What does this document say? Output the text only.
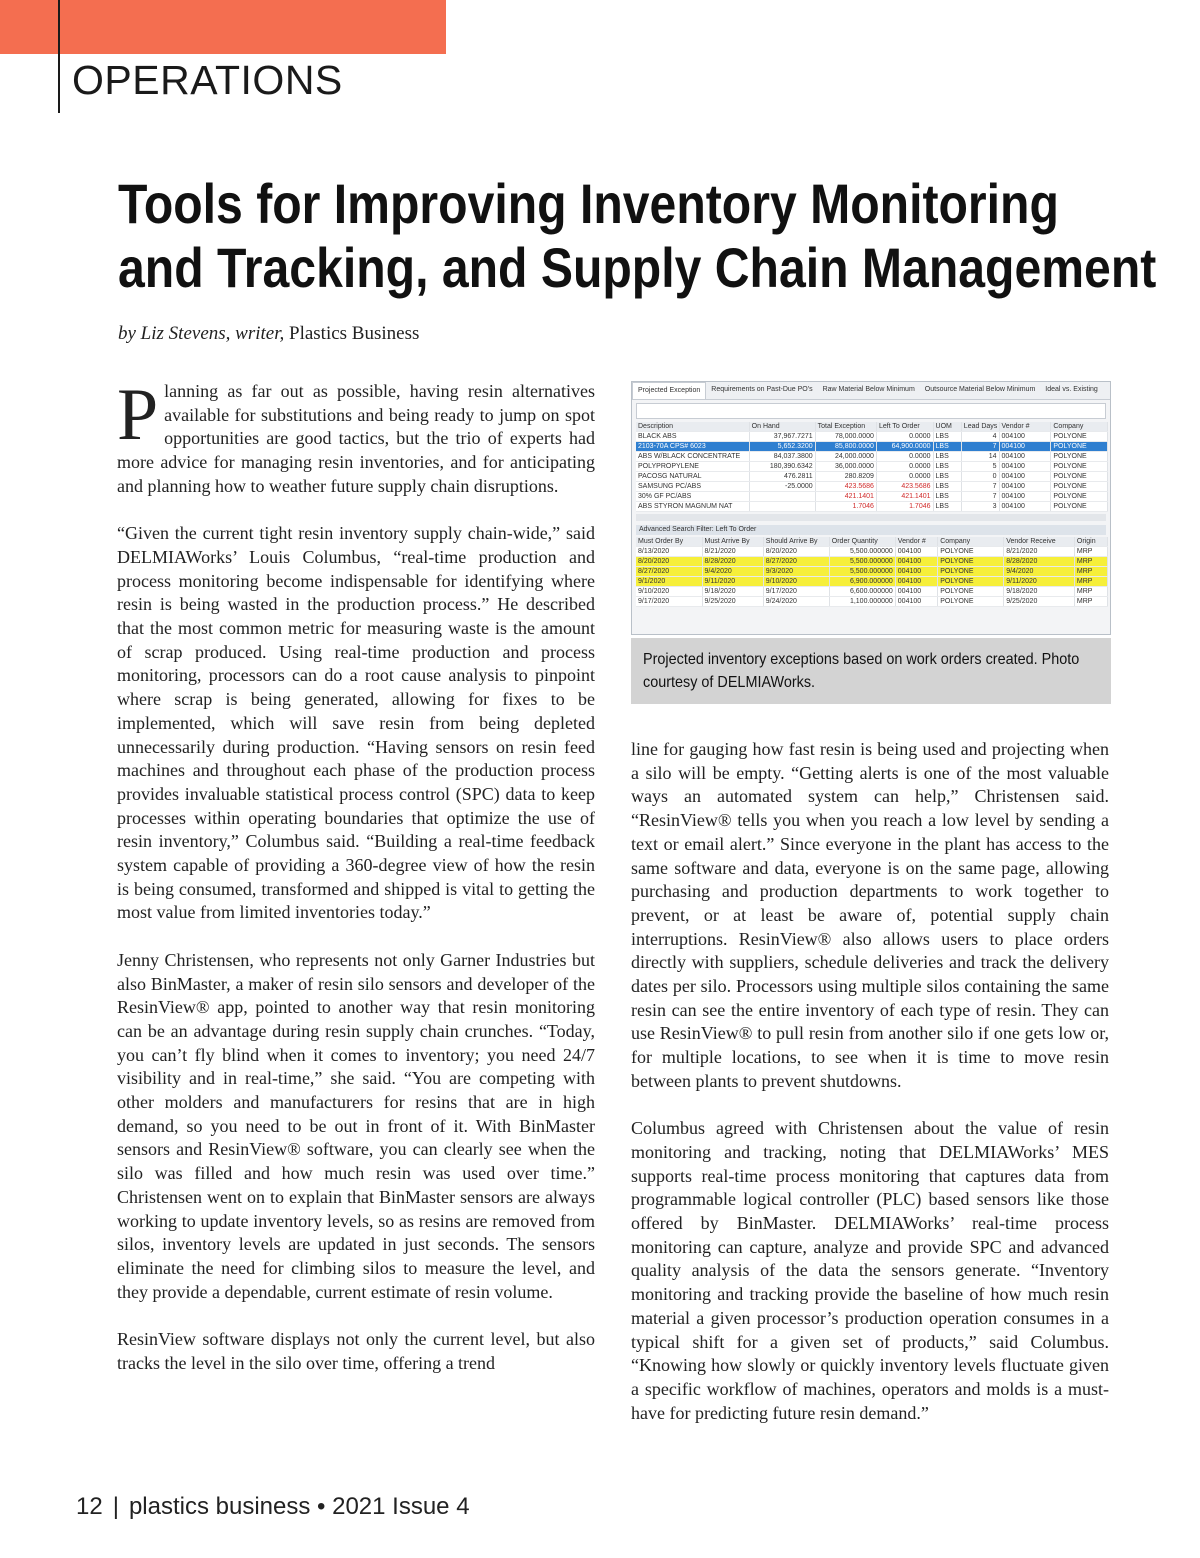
OPERATIONS
Tools for Improving Inventory Monitoring
and Tracking, and Supply Chain Management
by Liz Stevens, writer, Plastics Business

Planning as far out as possible, having resin alternatives available for substitutions and being ready to jump on spot opportunities are good tactics, but the trio of experts had more advice for managing resin inventories, and for anticipating and planning how to weather future supply chain disruptions.

“Given the current tight resin inventory supply chain-wide,” said DELMIAWorks’ Louis Columbus, “real-time production and process monitoring become indispensable for identifying where resin is being wasted in the production process.” He described that the most common metric for measuring waste is the amount of scrap produced. Using real-time production and process monitoring, processors can do a root cause analysis to pinpoint where scrap is being generated, allowing for fixes to be implemented, which will save resin from being depleted unnecessarily during production. “Having sensors on resin feed machines and throughout each phase of the production process provides invaluable statistical process control (SPC) data to keep processes within operating boundaries that optimize the use of resin inventory,” Columbus said. “Building a real-time feedback system capable of providing a 360-degree view of how the resin is being consumed, transformed and shipped is vital to getting the most value from limited inventories today.”

Jenny Christensen, who represents not only Garner Industries but also BinMaster, a maker of resin silo sensors and developer of the ResinView® app, pointed to another way that resin monitoring can be an advantage during resin supply chain crunches. “Today, you can’t fly blind when it comes to inventory; you need 24/7 visibility and in real-time,” she said. “You are competing with other molders and manufacturers for resins that are in high demand, so you need to be out in front of it. With BinMaster sensors and ResinView® software, you can clearly see when the silo was filled and how much resin was used over time.” Christensen went on to explain that BinMaster sensors are always working to update inventory levels, so as resins are removed from silos, inventory levels are updated in just seconds. The sensors eliminate the need for climbing silos to measure the level, and they provide a dependable, current estimate of resin volume.

ResinView software displays not only the current level, but also tracks the level in the silo over time, offering a trend

Projected Exception	Requirements on Past-Due PO's	Raw Material Below Minimum	Outsource Material Below Minimum	Ideal vs. Existing
Description	On Hand	Total Exception	Left To Order	UOM	Lead Days	Vendor #	Company
BLACK ABS	37,967.7271	78,000.0000	0.0000	LBS	4	004100	POLYONE
2103-70A CPS# 6023	5,652.3200	85,800.0000	64,900.0000	LBS	7	004100	POLYONE
ABS W/BLACK CONCENTRATE	84,037.3800	24,000.0000	0.0000	LBS	14	004100	POLYONE
POLYPROPYLENE	180,390.6342	36,000.0000	0.0000	LBS	5	004100	POLYONE
PACOSG NATURAL	476.2811	280.8209	0.0000	LBS	0	004100	POLYONE
SAMSUNG PC/ABS	-25.0000	423.5686	423.5686	LBS	7	004100	POLYONE
30% GF PC/ABS		421.1401	421.1401	LBS	7	004100	POLYONE
ABS STYRON MAGNUM NAT		1.7046	1.7046	LBS	3	004100	POLYONE
Advanced Search Filter: Left To Order
Must Order By	Must Arrive By	Should Arrive By	Order Quantity	Vendor #	Company	Vendor Receive	Origin
8/13/2020	8/21/2020	8/20/2020	5,500.000000	004100	POLYONE	8/21/2020	MRP
8/20/2020	8/28/2020	8/27/2020	5,500.000000	004100	POLYONE	8/28/2020	MRP
8/27/2020	9/4/2020	9/3/2020	5,500.000000	004100	POLYONE	9/4/2020	MRP
9/1/2020	9/11/2020	9/10/2020	6,900.000000	004100	POLYONE	9/11/2020	MRP
9/10/2020	9/18/2020	9/17/2020	6,600.000000	004100	POLYONE	9/18/2020	MRP
9/17/2020	9/25/2020	9/24/2020	1,100.000000	004100	POLYONE	9/25/2020	MRP
Projected inventory exceptions based on work orders created. Photo courtesy of DELMIAWorks.

line for gauging how fast resin is being used and projecting when a silo will be empty. “Getting alerts is one of the most valuable ways an automated system can help,” Christensen said. “ResinView® tells you when you reach a low level by sending a text or email alert.” Since everyone in the plant has access to the same software and data, everyone is on the same page, allowing purchasing and production departments to work together to prevent, or at least be aware of, potential supply chain interruptions. ResinView® also allows users to place orders directly with suppliers, schedule deliveries and track the delivery dates per silo. Processors using multiple silos containing the same resin can see the entire inventory of each type of resin. They can use ResinView® to pull resin from another silo if one gets low or, for multiple locations, to see when it is time to move resin between plants to prevent shutdowns.

Columbus agreed with Christensen about the value of resin monitoring and tracking, noting that DELMIAWorks’ MES supports real-time process monitoring that captures data from programmable logical controller (PLC) based sensors like those offered by BinMaster. DELMIAWorks’ real-time process monitoring can capture, analyze and provide SPC and advanced quality analysis of the data the sensors generate. “Inventory monitoring and tracking provide the baseline of how much resin material a given processor’s production operation consumes in a typical shift for a given set of products,” said Columbus. “Knowing how slowly or quickly inventory levels fluctuate given a specific workflow of machines, operators and molds is a must-have for predicting future resin demand.”

12 | plastics business • 2021 Issue 4
